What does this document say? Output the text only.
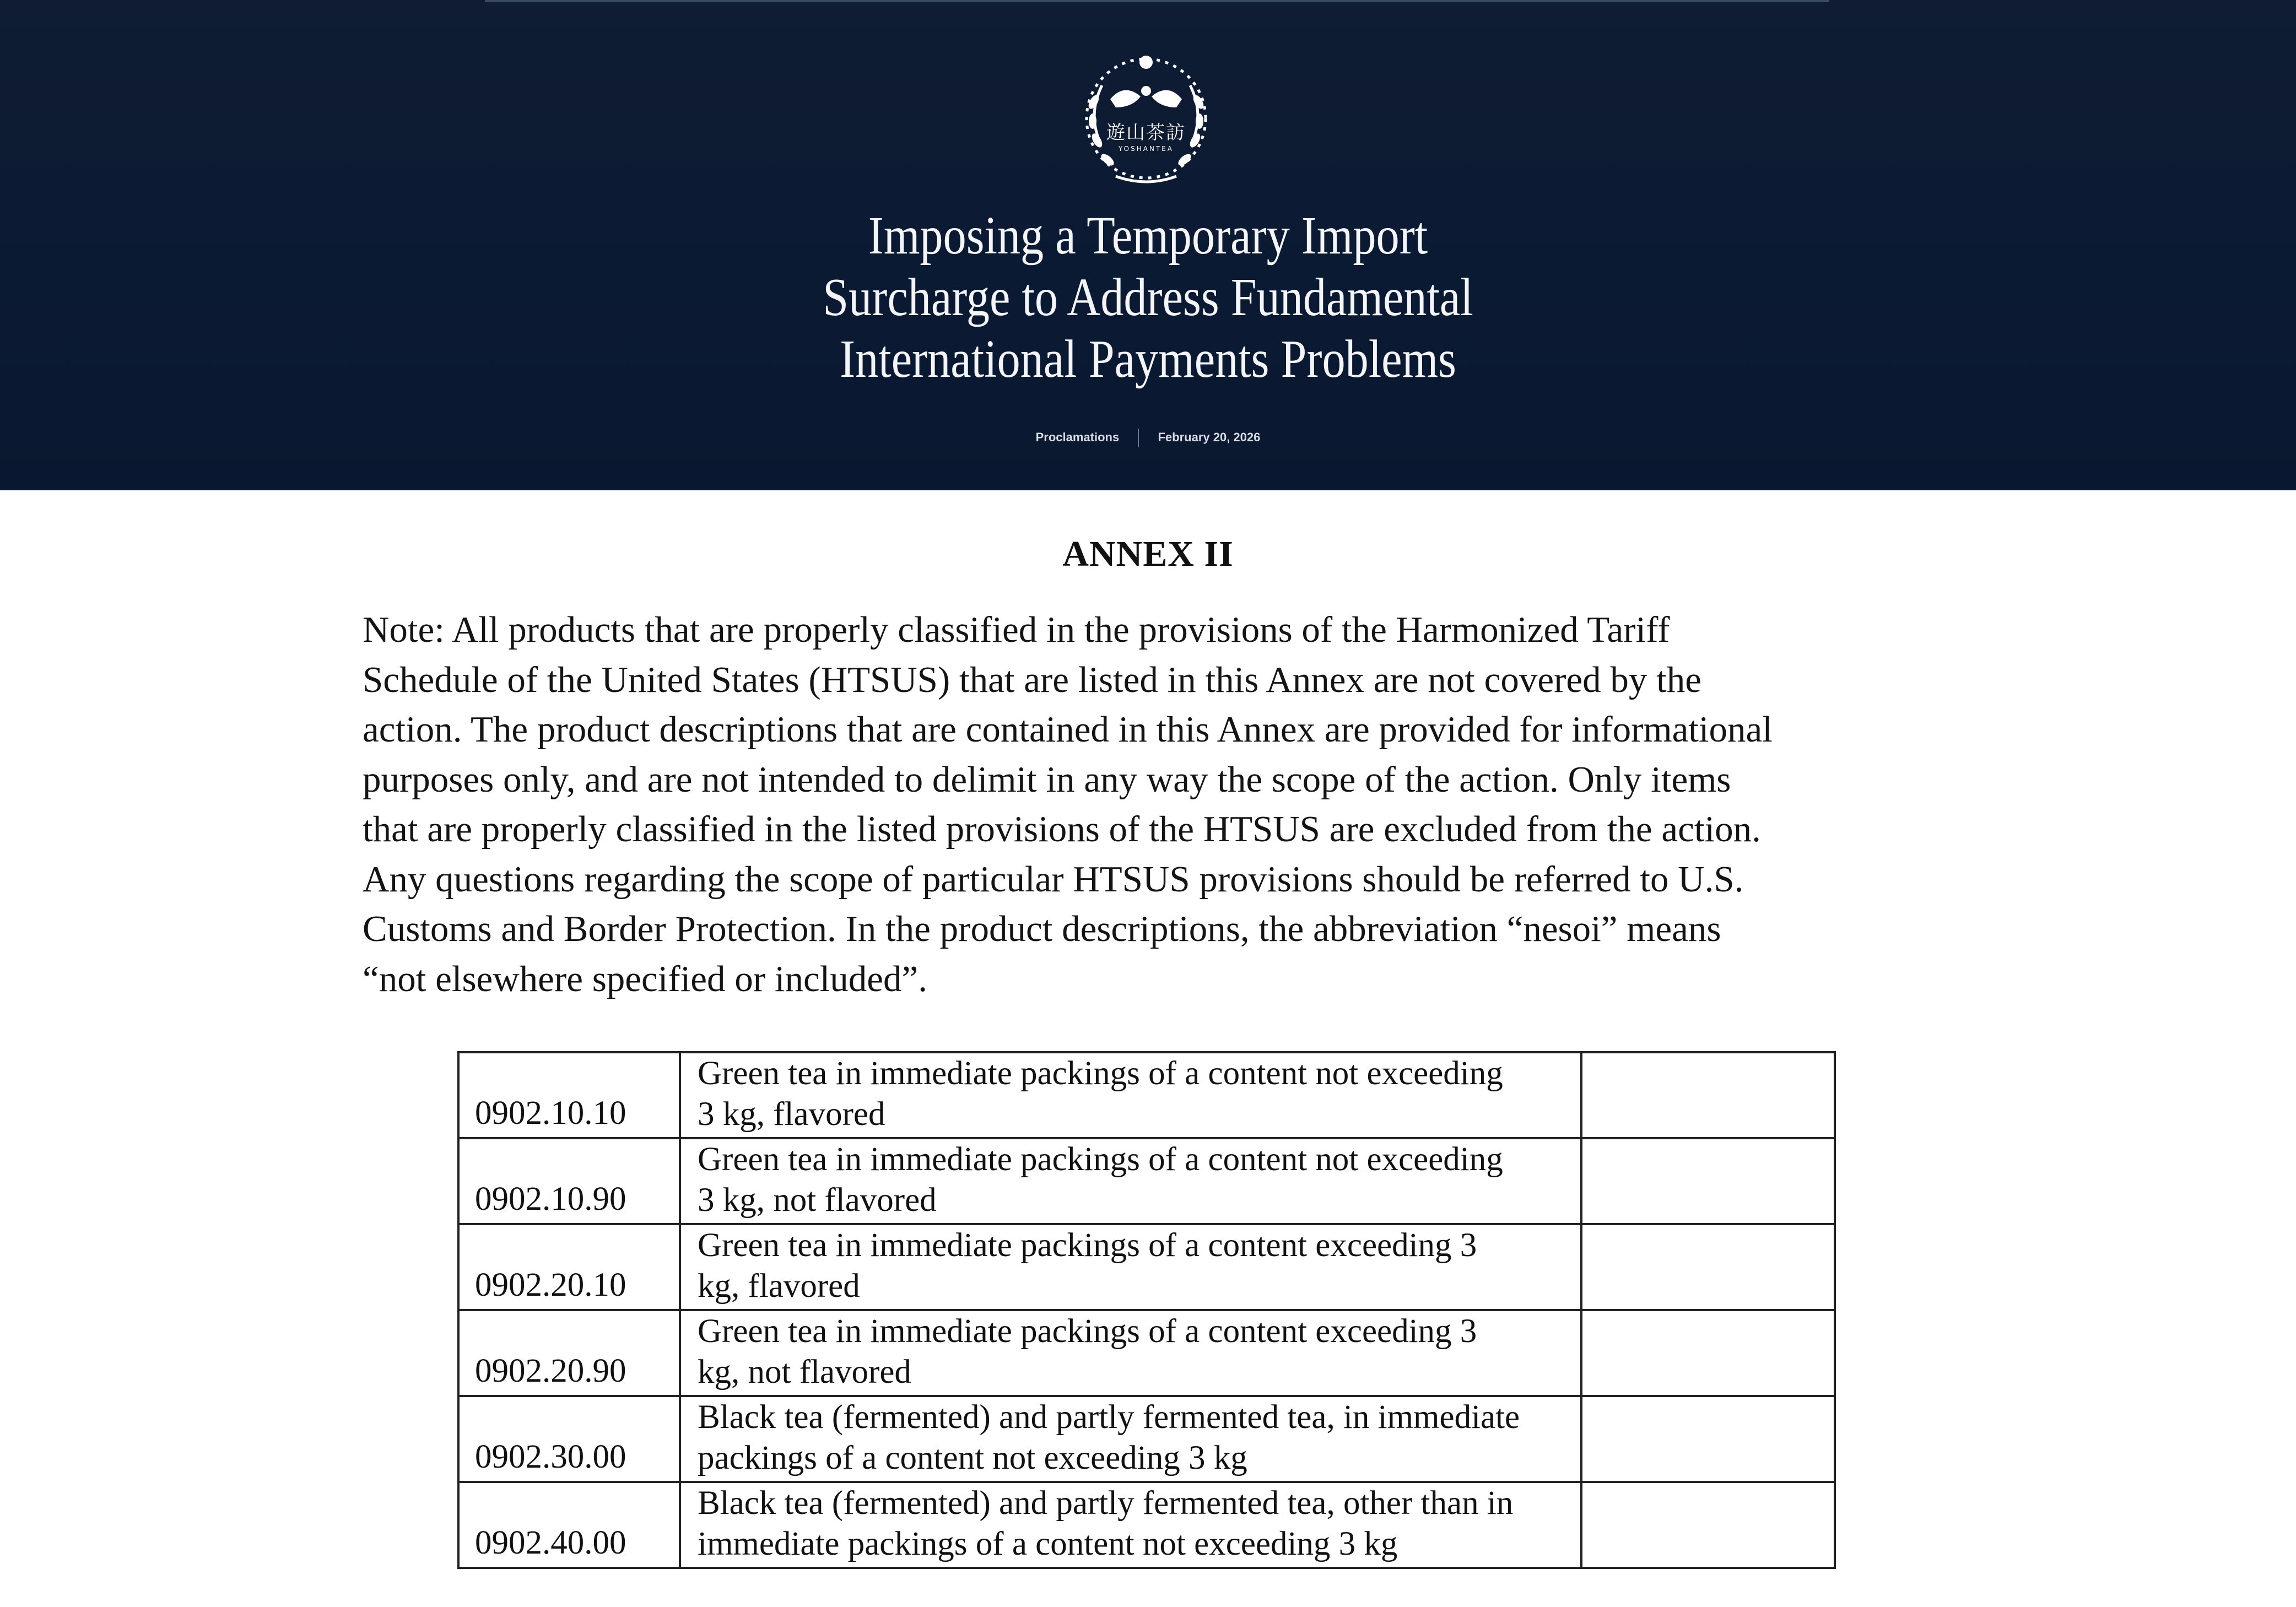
遊山茶訪
YOSHANTEA
Imposing a Temporary Import
Surcharge to Address Fundamental
International Payments Problems
Proclamations	February 20, 2026
ANNEX II
Note: All products that are properly classified in the provisions of the Harmonized Tariff
Schedule of the United States (HTSUS) that are listed in this Annex are not covered by the
action. The product descriptions that are contained in this Annex are provided for informational
purposes only, and are not intended to delimit in any way the scope of the action. Only items
that are properly classified in the listed provisions of the HTSUS are excluded from the action.
Any questions regarding the scope of particular HTSUS provisions should be referred to U.S.
Customs and Border Protection. In the product descriptions, the abbreviation “nesoi” means
“not elsewhere specified or included”.
0902.10.10	Green tea in immediate packings of a content not exceeding
3 kg, flavored	

0902.10.90	Green tea in immediate packings of a content not exceeding
3 kg, not flavored	

0902.20.10	Green tea in immediate packings of a content exceeding 3
kg, flavored	

0902.20.90	Green tea in immediate packings of a content exceeding 3
kg, not flavored	

0902.30.00	Black tea (fermented) and partly fermented tea, in immediate
packings of a content not exceeding 3 kg	

0902.40.00	Black tea (fermented) and partly fermented tea, other than in
immediate packings of a content not exceeding 3 kg	
